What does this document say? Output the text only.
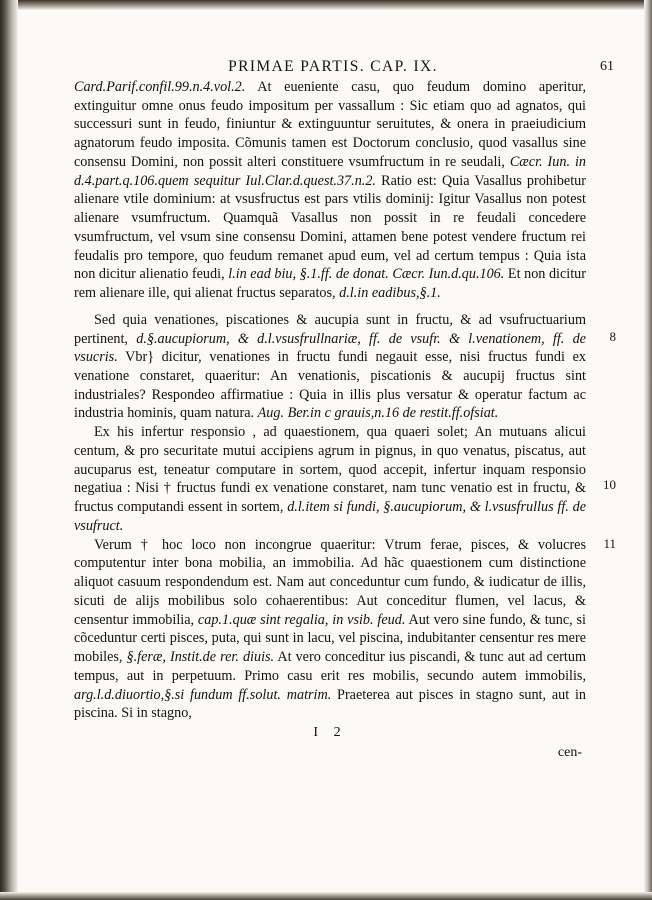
PRIMAE PARTIS. CAP. IX.	61

Card.Parif.confil.99.n.4.vol.2. At eueniente casu, quo feudum domino aperitur, extinguitur omne onus feudo impositum per vassallum : Sic etiam quo ad agnatos, qui successuri sunt in feudo, finiuntur & extinguuntur seruitutes, & onera in praeiudicium agnatorum feudo imposita. Cõmunis tamen est Doctorum conclusio, quod vasallus sine consensu Domini, non possit alteri constituere vsumfructum in re seudali, Cæcr. Iun. in d.4.part.q.106.quem sequitur Iul.Clar.d.quest.37.n.2. Ratio est: Quia Vasallus prohibetur alienare vtile dominium: at vsusfructus est pars vtilis dominij: Igitur Vasallus non potest alienare vsumfructum. Quamquã Vasallus non possit in re feudali concedere vsumfructum, vel vsum sine consensu Domini, attamen bene potest vendere fructum rei feudalis pro tempore, quo feudum remanet apud eum, vel ad certum tempus : Quia ista non dicitur alienatio feudi, l.in ead biu, §.1.ff. de donat. Cæcr. Iun.d.qu.106. Et non dicitur rem alienare ille, qui alienat fructus separatos, d.l.in eadibus,§.1.

Sed quia venationes, piscationes & aucupia sunt in fructu, & ad vsufructuarium pertinent, d.§.aucupiorum, & d.l.vsusfrullnariæ, ff. de vsufr. & l.venationem, ff. de vsucris. Vbr} dicitur, venationes in fructu fundi negauit esse, nisi fructus fundi ex venatione constaret, quaeritur: An venationis, piscationis & aucupij fructus sint industriales? Respondeo affirmatiue : Quia in illis plus versatur & operatur factum ac industria hominis, quam natura. Aug. Ber.in c grauis,n.16 de restit.ff.ofsiat.

8

Ex his infertur responsio , ad quaestionem, qua quaeri solet; An mutuans alicui centum, & pro securitate mutui accipiens agrum in pignus, in quo venatus, piscatus, aut aucuparus est, teneatur computare in sortem, quod accepit, infertur inquam responsio negatiua : Nisi † fructus fundi ex venatione constaret, nam tunc venatio est in fructu, & fructus computandi essent in sortem, d.l.item si fundi, §.aucupiorum, & l.vsusfrullus ff. de vsufruct.

10

Verum † hoc loco non incongrue quaeritur: Vtrum ferae, pisces, & volucres computentur inter bona mobilia, an immobilia. Ad hãc quaestionem cum distinctione aliquot casuum respondendum est. Nam aut conceduntur cum fundo, & iudicatur de illis, sicuti de alijs mobilibus solo cohaerentibus: Aut conceditur flumen, vel lacus, & censentur immobilia, cap.1.quæ sint regalia, in vsib. feud. Aut vero sine fundo, & tunc, si cõceduntur certi pisces, puta, qui sunt in lacu, vel piscina, indubitanter censentur res mere mobiles, §.feræ, Instit.de rer. diuis. At vero conceditur ius piscandi, & tunc aut ad certum tempus, aut in perpetuum. Primo casu erit res mobilis, secundo autem immobilis, arg.l.d.diuortio,§.si fundum ff.solut. matrim. Praeterea aut pisces in stagno sunt, aut in piscina. Si in stagno,

11
I 2
cen-
